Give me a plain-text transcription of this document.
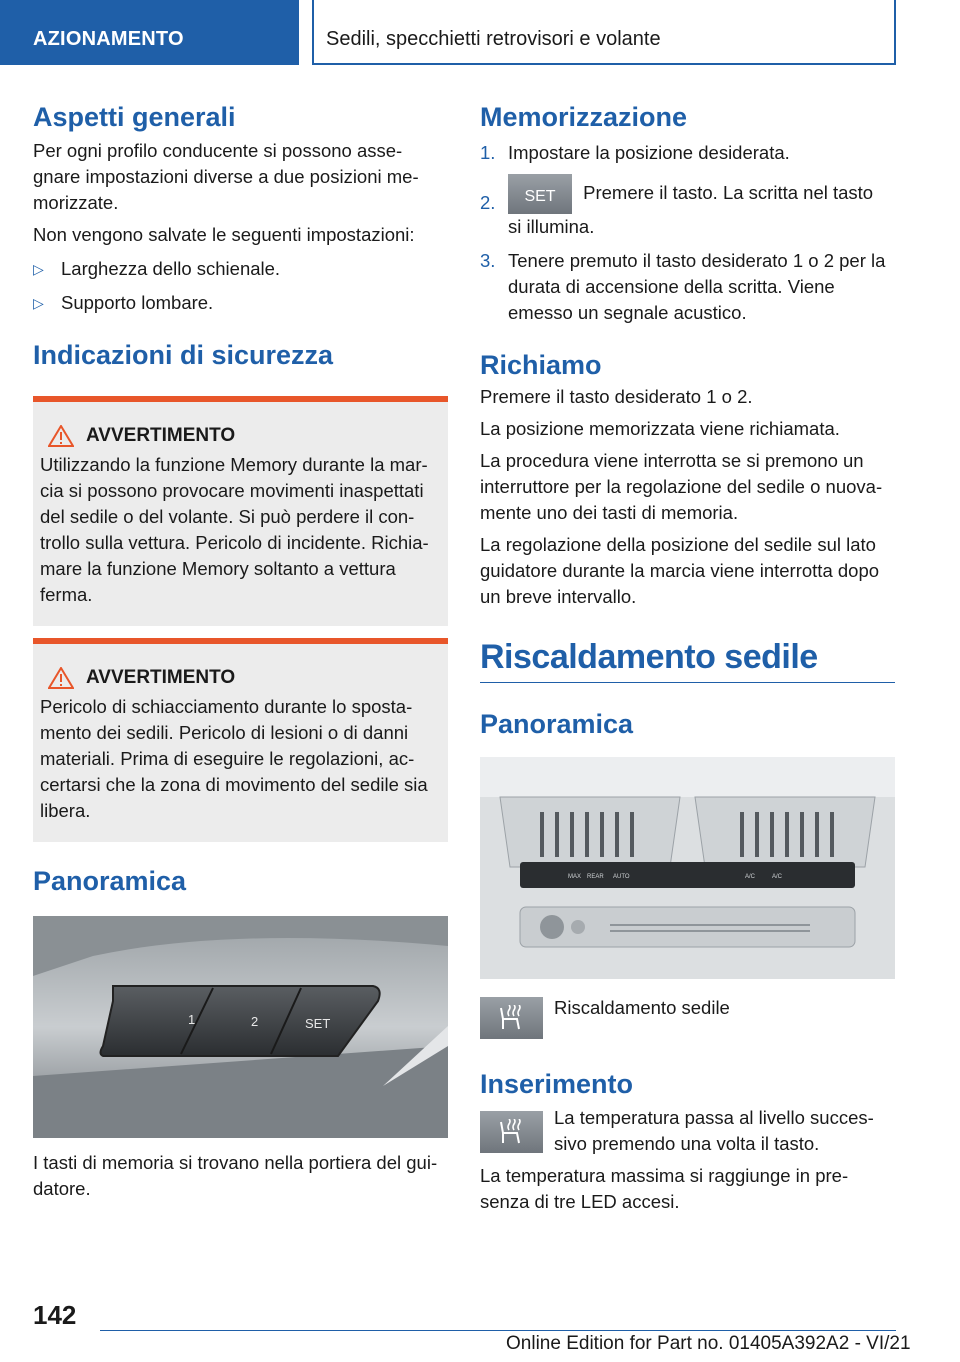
AZIONAMENTO	Sedili, specchietti retrovisori e volante
Aspetti generali

Per ogni profilo conducente si possono asse-gnare impostazioni diverse a due posizioni me-morizzate.

Non vengono salvate le seguenti impostazioni:

▷ Larghezza dello schienale.
▷ Supporto lombare.
Indicazioni di sicurezza
AVVERTIMENTO

Utilizzando la funzione Memory durante la mar-cia si possono provocare movimenti inaspettati del sedile o del volante. Si può perdere il con-trollo sulla vettura. Pericolo di incidente. Richia-mare la funzione Memory soltanto a vettura ferma.

AVVERTIMENTO

Pericolo di schiacciamento durante lo sposta-mento dei sedili. Pericolo di lesioni o di danni materiali. Prima di eseguire le regolazioni, ac-certarsi che la zona di movimento del sedile sia libera.

Panoramica
1	2	SET

I tasti di memoria si trovano nella portiera del gui-datore.

Memorizzazione
1. Impostare la posizione desiderata.
2.	SET	Premere il tasto. La scritta nel tasto
si illumina.
3. Tenere premuto il tasto desiderato 1 o 2 per la durata di accensione della scritta. Viene emesso un segnale acustico.
Richiamo

Premere il tasto desiderato 1 o 2.

La posizione memorizzata viene richiamata.

La procedura viene interrotta se si premono un interruttore per la regolazione del sedile o nuova-mente uno dei tasti di memoria.

La regolazione della posizione del sedile sul lato guidatore durante la marcia viene interrotta dopo un breve intervallo.

Riscaldamento sedile
Panoramica
MAX REAR AUTO	A/C	A/C

Riscaldamento sedile

Inserimento

La temperatura passa al livello succes-sivo premendo una volta il tasto.

La temperatura massima si raggiunge in pre-senza di tre LED accesi.

142
Online Edition for Part no. 01405A392A2 - VI/21
